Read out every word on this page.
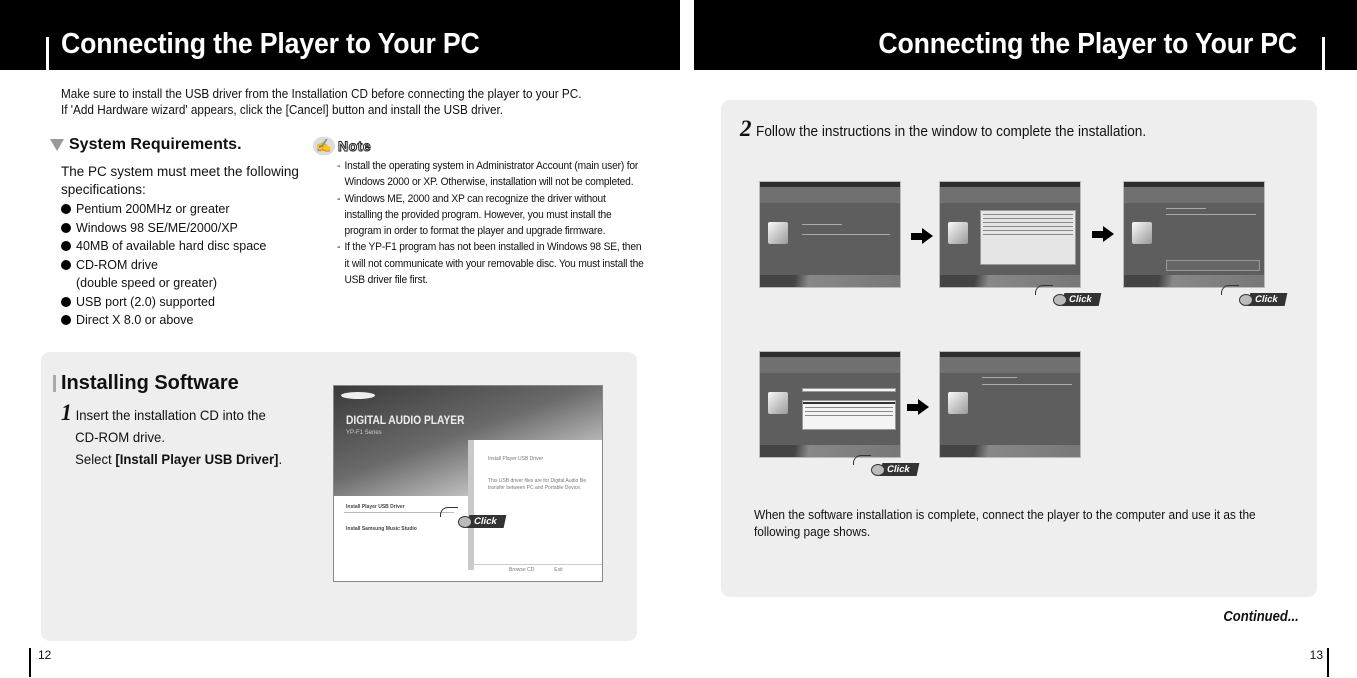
Connecting the Player to Your PC
Make sure to install the USB driver from the Installation CD before connecting the player to your PC.
If 'Add Hardware wizard' appears, click the [Cancel] button and install the USB driver.
System Requirements.
The PC system must meet the following specifications:
Pentium 200MHz or greater
Windows 98 SE/ME/2000/XP
40MB of available hard disc space
CD-ROM drive
(double speed or greater)
USB port (2.0) supported
Direct X 8.0 or above
✍ Note
- Install the operating system in Administrator Account (main user) for Windows 2000 or XP. Otherwise, installation will not be completed.
- Windows ME, 2000 and XP can recognize the driver without installing the provided program. However, you must install the program in order to format the player and upgrade firmware.
- If the YP-F1 program has not been installed in Windows 98 SE, then it will not communicate with your removable disc. You must install the USB driver file first.
Installing Software
1 Insert the installation CD into the
CD-ROM drive.
Select [Install Player USB Driver].
DIGITAL AUDIO PLAYER
YP-F1 Series
Install Player USB Driver
This USB driver files are for Digital Audio file transfer between PC and Portable Device.
Install Player USB Driver
Install Samsung Music Studio
Browse CD	Exit
Click
12
Connecting the Player to Your PC
2 Follow the instructions in the window to complete the installation.
Click	Click
Click
When the software installation is complete, connect the player to the computer and use it as the following page shows.
Continued...
13
